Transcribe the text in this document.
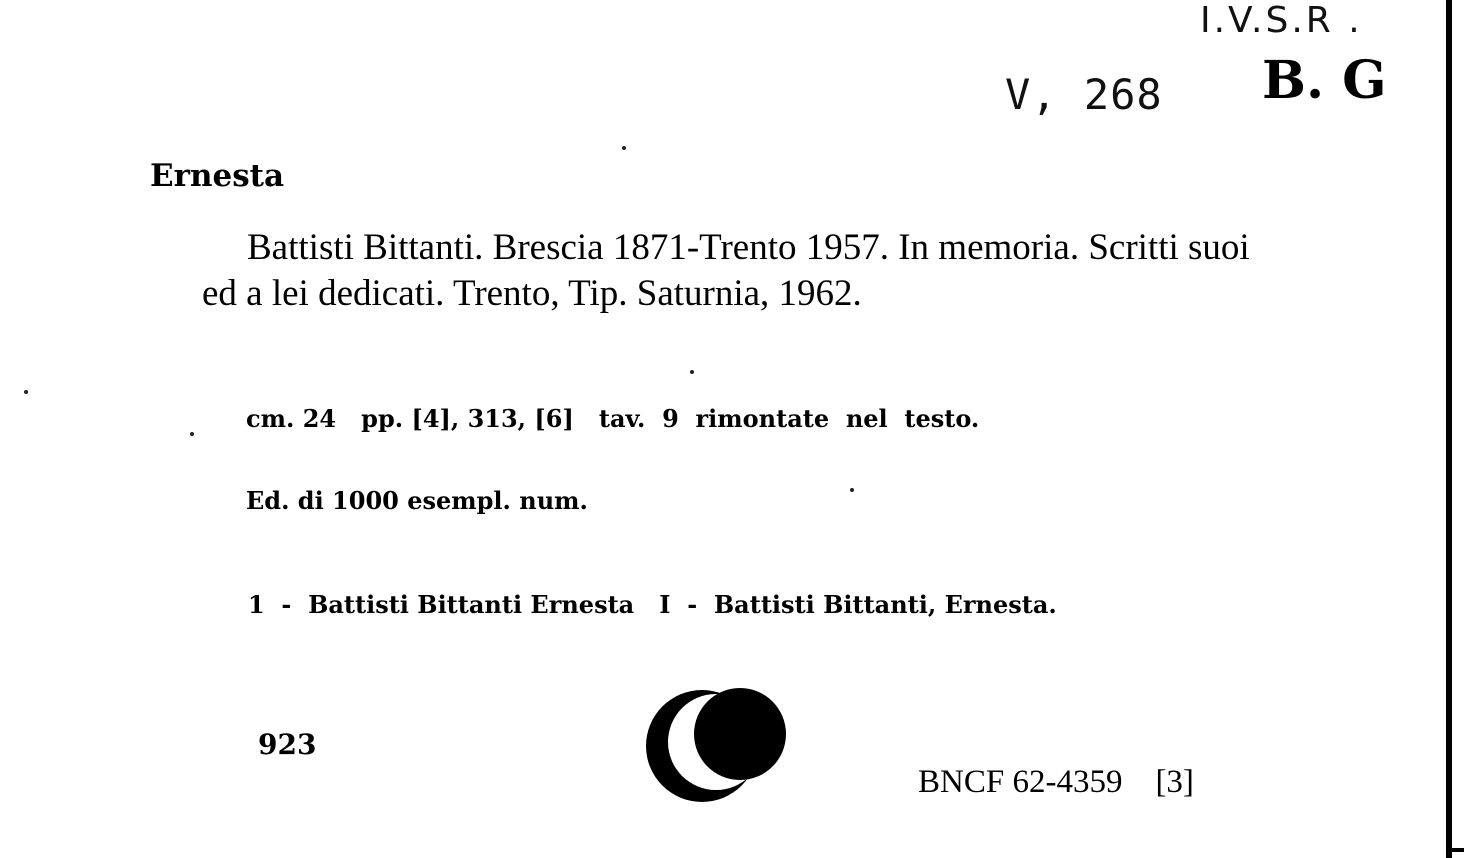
I.V.S.R .
V, 268 B. G
Ernesta
Battisti Bittanti. Brescia 1871-Trento 1957. In memoria. Scritti suoi ed a lei dedicati. Trento, Tip. Saturnia, 1962.
cm. 24   pp. [4], 313, [6]   tav.  9  rimontate  nel  testo.
Ed. di 1000 esempl. num.
1  -  Battisti Bittanti Ernesta   I  -  Battisti Bittanti, Ernesta.
923
BNCF 62-4359    [3]
